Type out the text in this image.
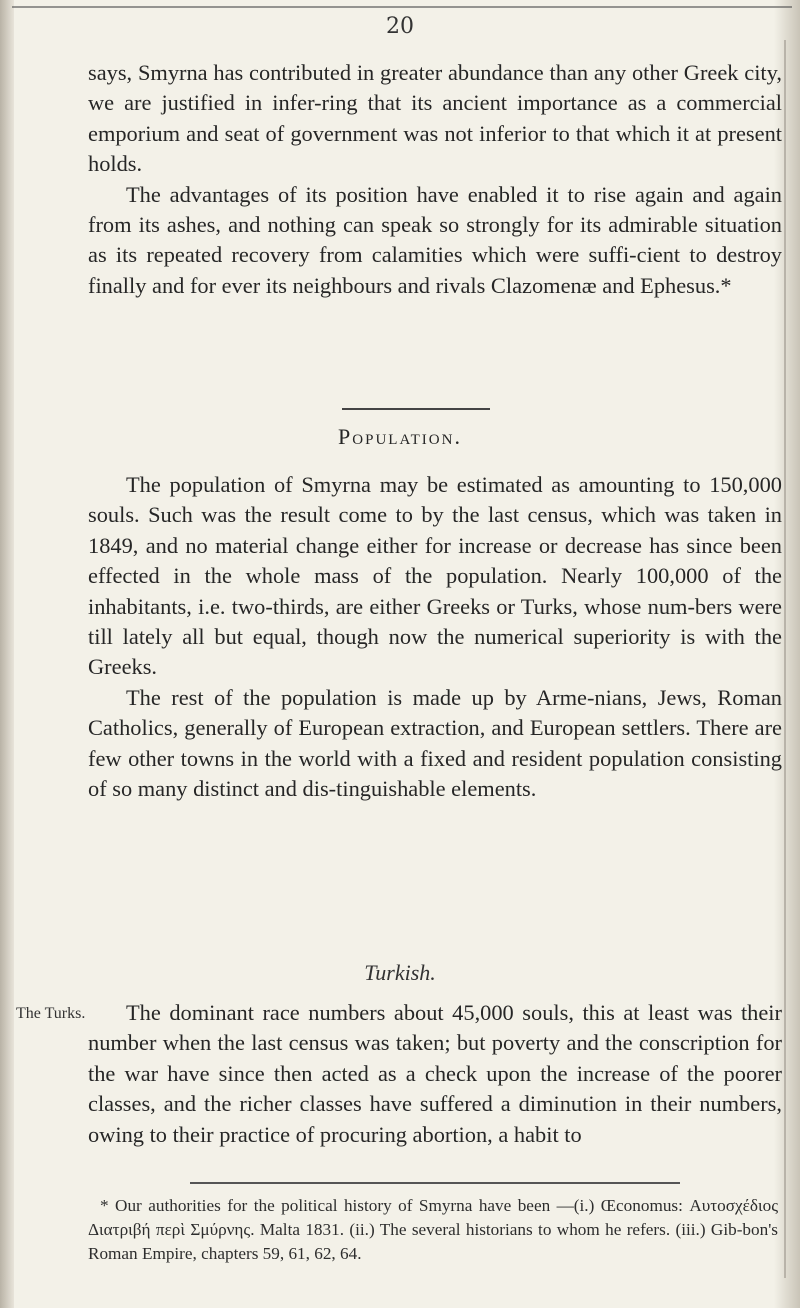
20

says, Smyrna has contributed in greater abundance than any other Greek city, we are justified in infer-ring that its ancient importance as a commercial emporium and seat of government was not inferior to that which it at present holds.

The advantages of its position have enabled it to rise again and again from its ashes, and nothing can speak so strongly for its admirable situation as its repeated recovery from calamities which were suffi-cient to destroy finally and for ever its neighbours and rivals Clazomenæ and Ephesus.*

Population.

The population of Smyrna may be estimated as amounting to 150,000 souls. Such was the result come to by the last census, which was taken in 1849, and no material change either for increase or decrease has since been effected in the whole mass of the population. Nearly 100,000 of the inhabitants, i.e. two-thirds, are either Greeks or Turks, whose num-bers were till lately all but equal, though now the numerical superiority is with the Greeks.

The rest of the population is made up by Arme-nians, Jews, Roman Catholics, generally of European extraction, and European settlers. There are few other towns in the world with a fixed and resident population consisting of so many distinct and dis-tinguishable elements.

Turkish.
The Turks.	The dominant race numbers about 45,000 souls, this at least was their number when the last census was taken; but poverty and the conscription for the war have since then acted as a check upon the increase of the poorer classes, and the richer classes have suffered a diminution in their numbers, owing to their practice of procuring abortion, a habit to

* Our authorities for the political history of Smyrna have been —(i.) Œconomus: Αυτοσχέδιος Διατριβή περὶ Σμύρνης. Malta 1831. (ii.) The several historians to whom he refers. (iii.) Gib-bon's Roman Empire, chapters 59, 61, 62, 64.
